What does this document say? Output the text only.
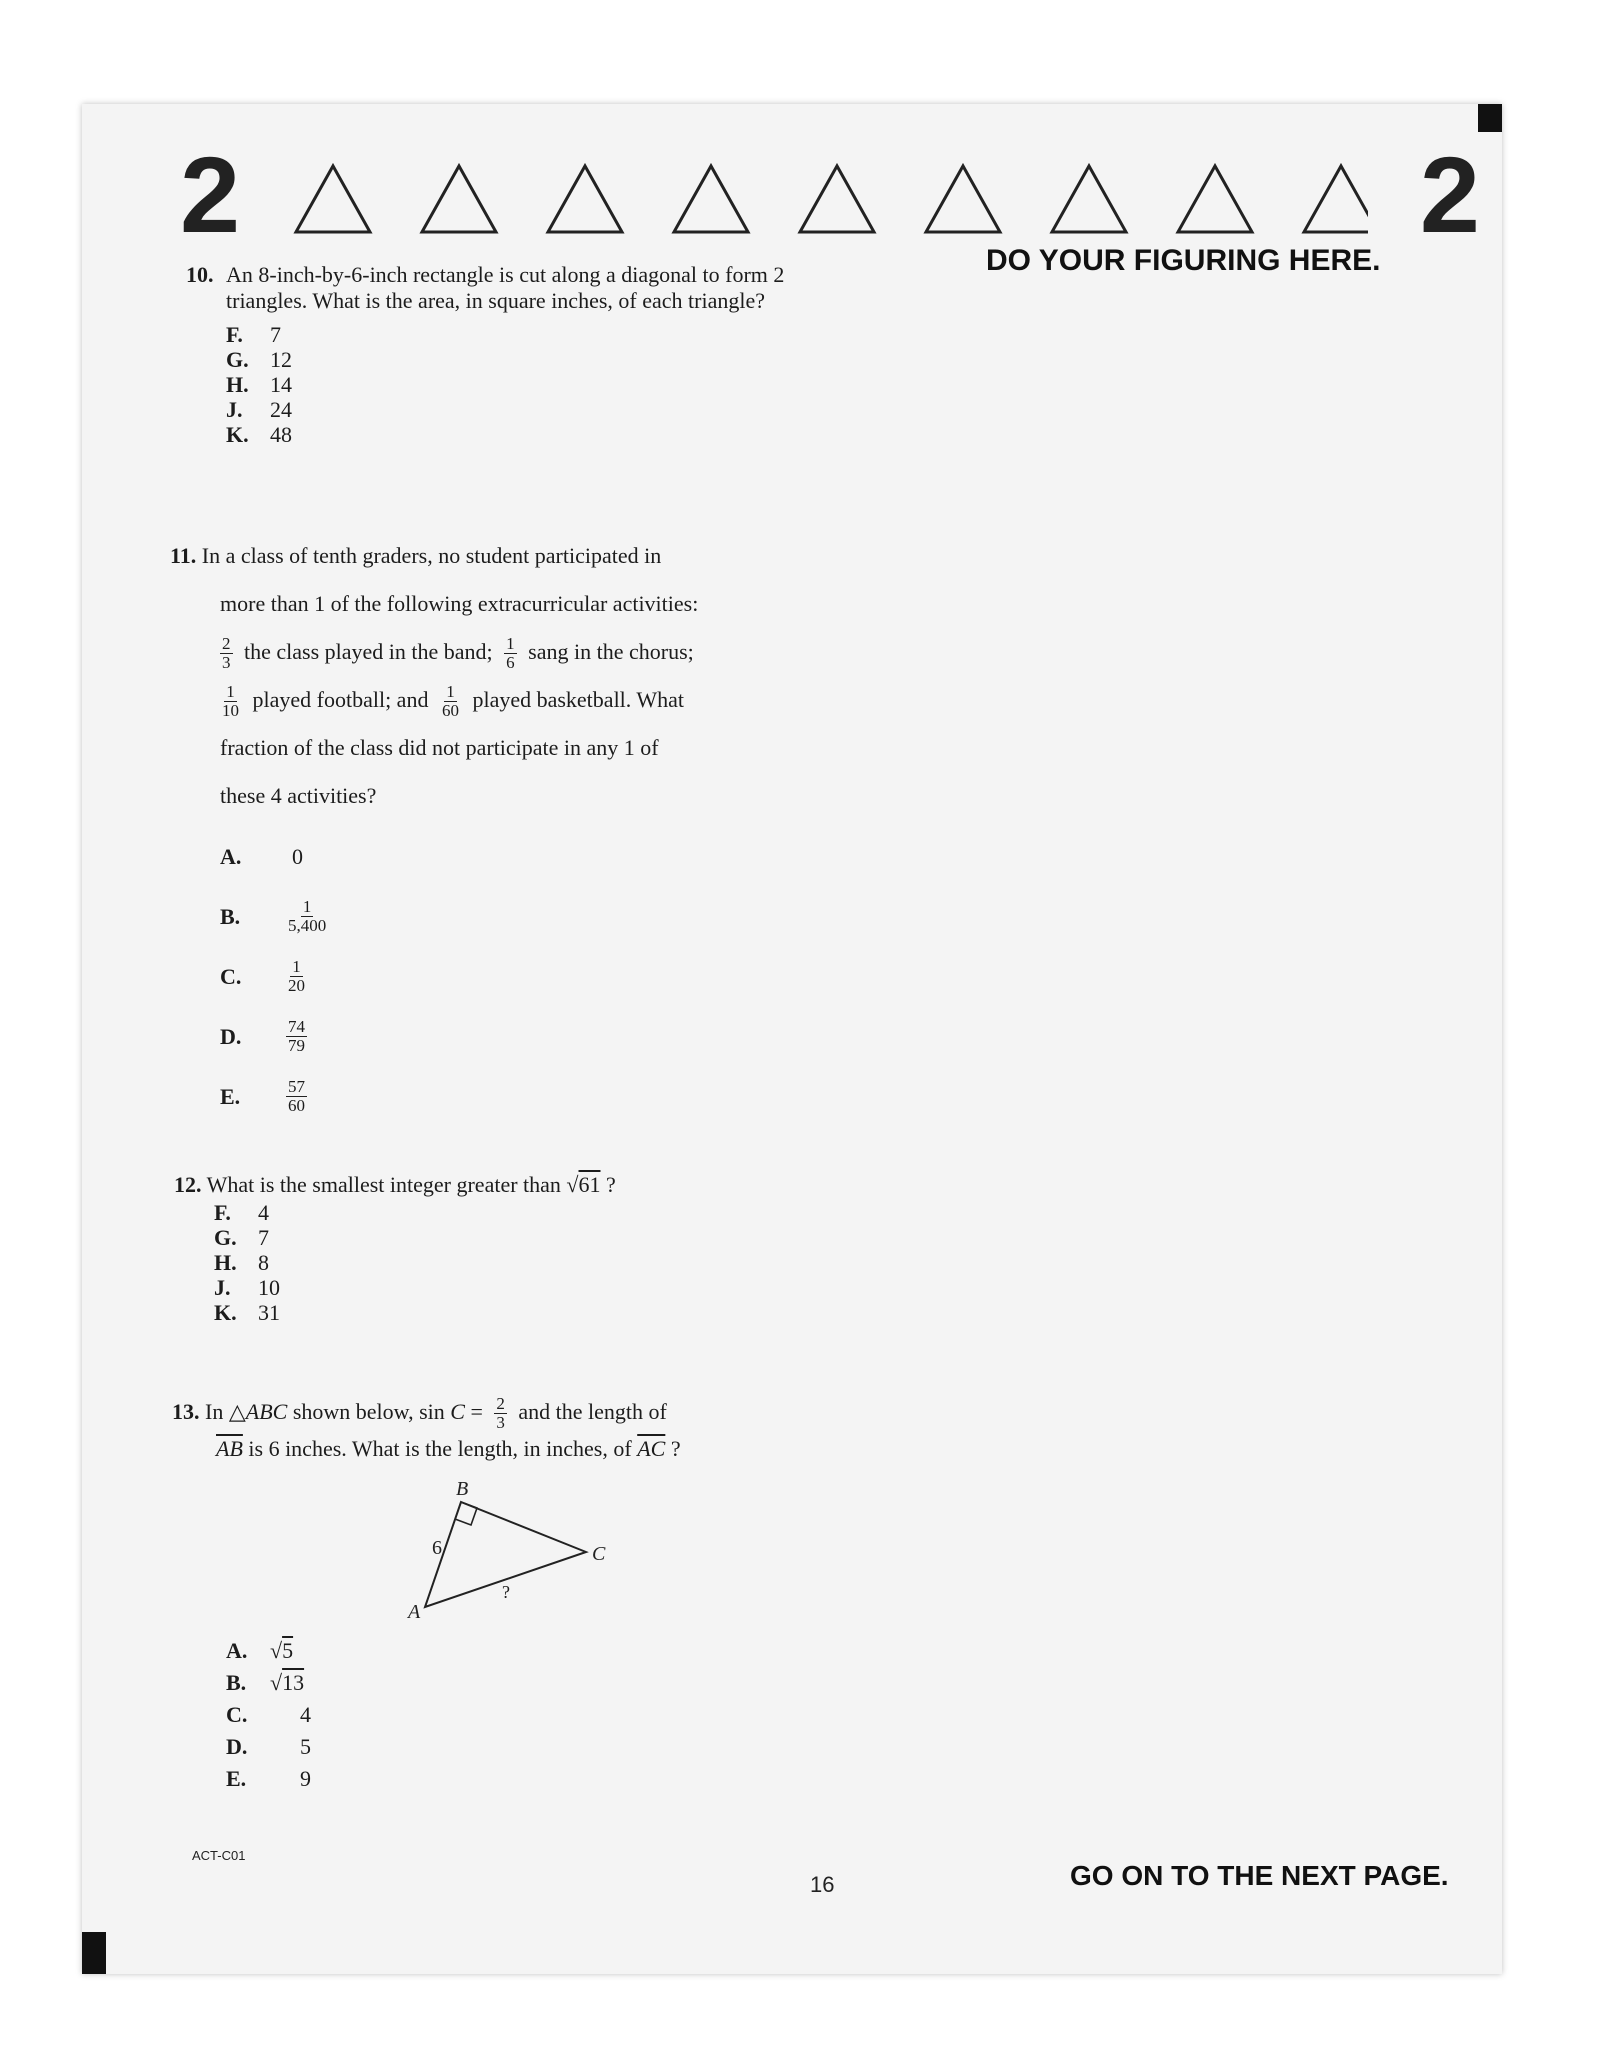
2	2
DO YOUR FIGURING HERE.
10. An 8-inch-by-6-inch rectangle is cut along a diagonal to form 2 triangles. What is the area, in square inches, of each triangle?
F.	7
G. 12
H. 14
J.	24
K. 48
11. In a class of tenth graders, no student participated in
more than 1 of the following extracurricular activities:
$\frac{2}{3}$ the class played in the band; $\frac{1}{6}$ sang in the chorus;
$\frac{1}{10}$ played football; and $\frac{1}{60}$ played basketball. What
fraction of the class did not participate in any 1 of
these 4 activities?
A.	0
B.	$\frac{1}{5,400}$
C.	$\frac{1}{20}$
D.	$\frac{74}{79}$
E.	$\frac{57}{60}$
12. What is the smallest integer greater than √61 ?
F.	4
G. 7
H. 8
J.	10
K. 31
13. In △ABC shown below, $\sin C = \frac{2}{3}$ and the length of
$\overline{AB}$ is 6 inches. What is the length, in inches, of $\overline{AC}$ ?
B
C
A
6
?
A.	√5
B.	√13
C.	4
D.	5
E.	9
ACT-C01
16	GO ON TO THE NEXT PAGE.
